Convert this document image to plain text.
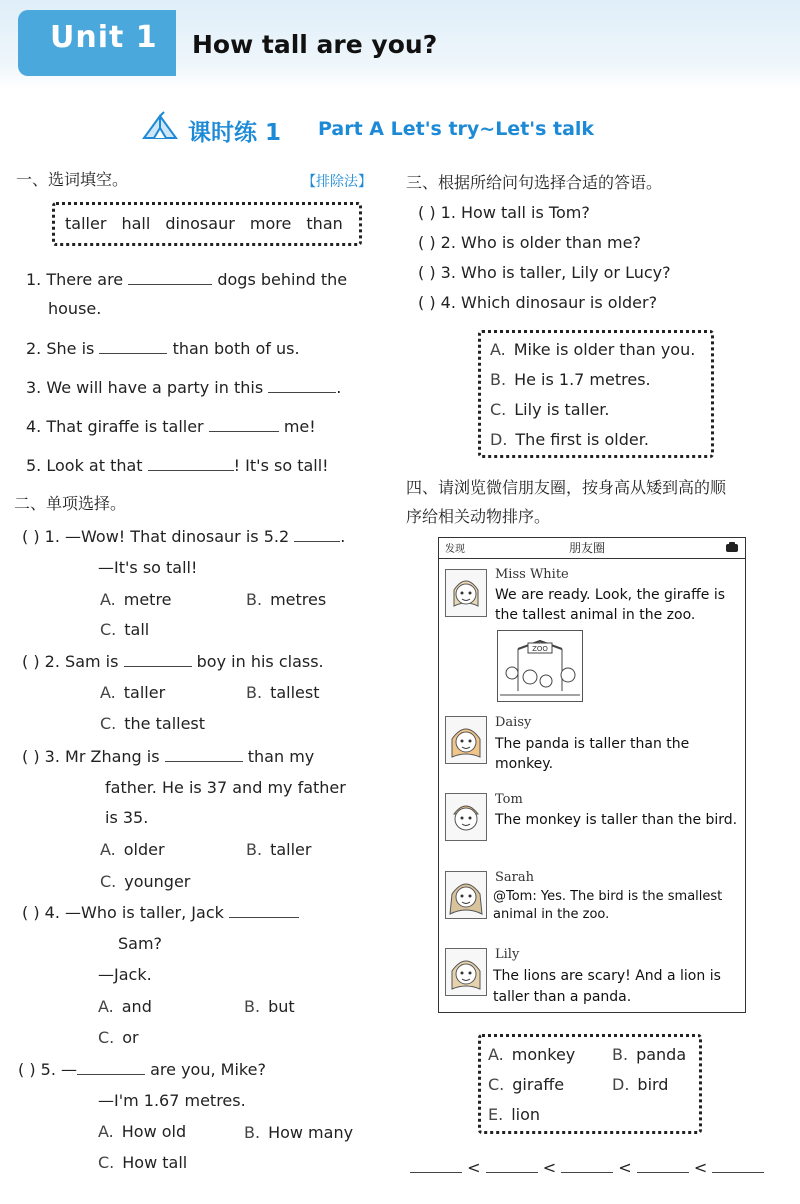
Unit 1 How tall are you?
课时练 1 Part A Let's try~Let's talk
一、选词填空。	【排除法】
taller hall dinosaur more than
1. There are	dogs behind the
house.
2. She is	than both of us.
3. We will have a party in this	.
4. That giraffe is taller	me!
5. Look at that	! It's so tall!
二、单项选择。
( ) 1. —Wow! That dinosaur is 5.2	.
—It's so tall!
A. metre	B. metres
C. tall
( ) 2. Sam is	boy in his class.
A. taller	B. tallest
C. the tallest
( ) 3. Mr Zhang is	than my
father. He is 37 and my father
is 35.
A. older	B. taller
C. younger
( ) 4. —Who is taller, Jack
Sam?
—Jack.
A. and	B. but
C. or
( ) 5. —	are you, Mike?
—I'm 1.67 metres.
A. How old	B. How many
C. How tall
三、根据所给问句选择合适的答语。
( ) 1. How tall is Tom?
( ) 2. Who is older than me?
( ) 3. Who is taller, Lily or Lucy?
( ) 4. Which dinosaur is older?
A. Mike is older than you.
B. He is 1.7 metres.
C. Lily is taller.
D. The first is older.
四、请浏览微信朋友圈，按身高从矮到高的顺
序给相关动物排序。
发现	朋友圈
Miss White
We are ready. Look, the giraffe is the tallest animal in the zoo.
ZOO
Daisy
The panda is taller than the monkey.
Tom
The monkey is taller than the bird.
Sarah
@Tom: Yes. The bird is the smallest animal in the zoo.
Lily
The lions are scary! And a lion is taller than a panda.
A. monkey B. panda
C. giraffe	D. bird
E. lion
<	<	<	<
